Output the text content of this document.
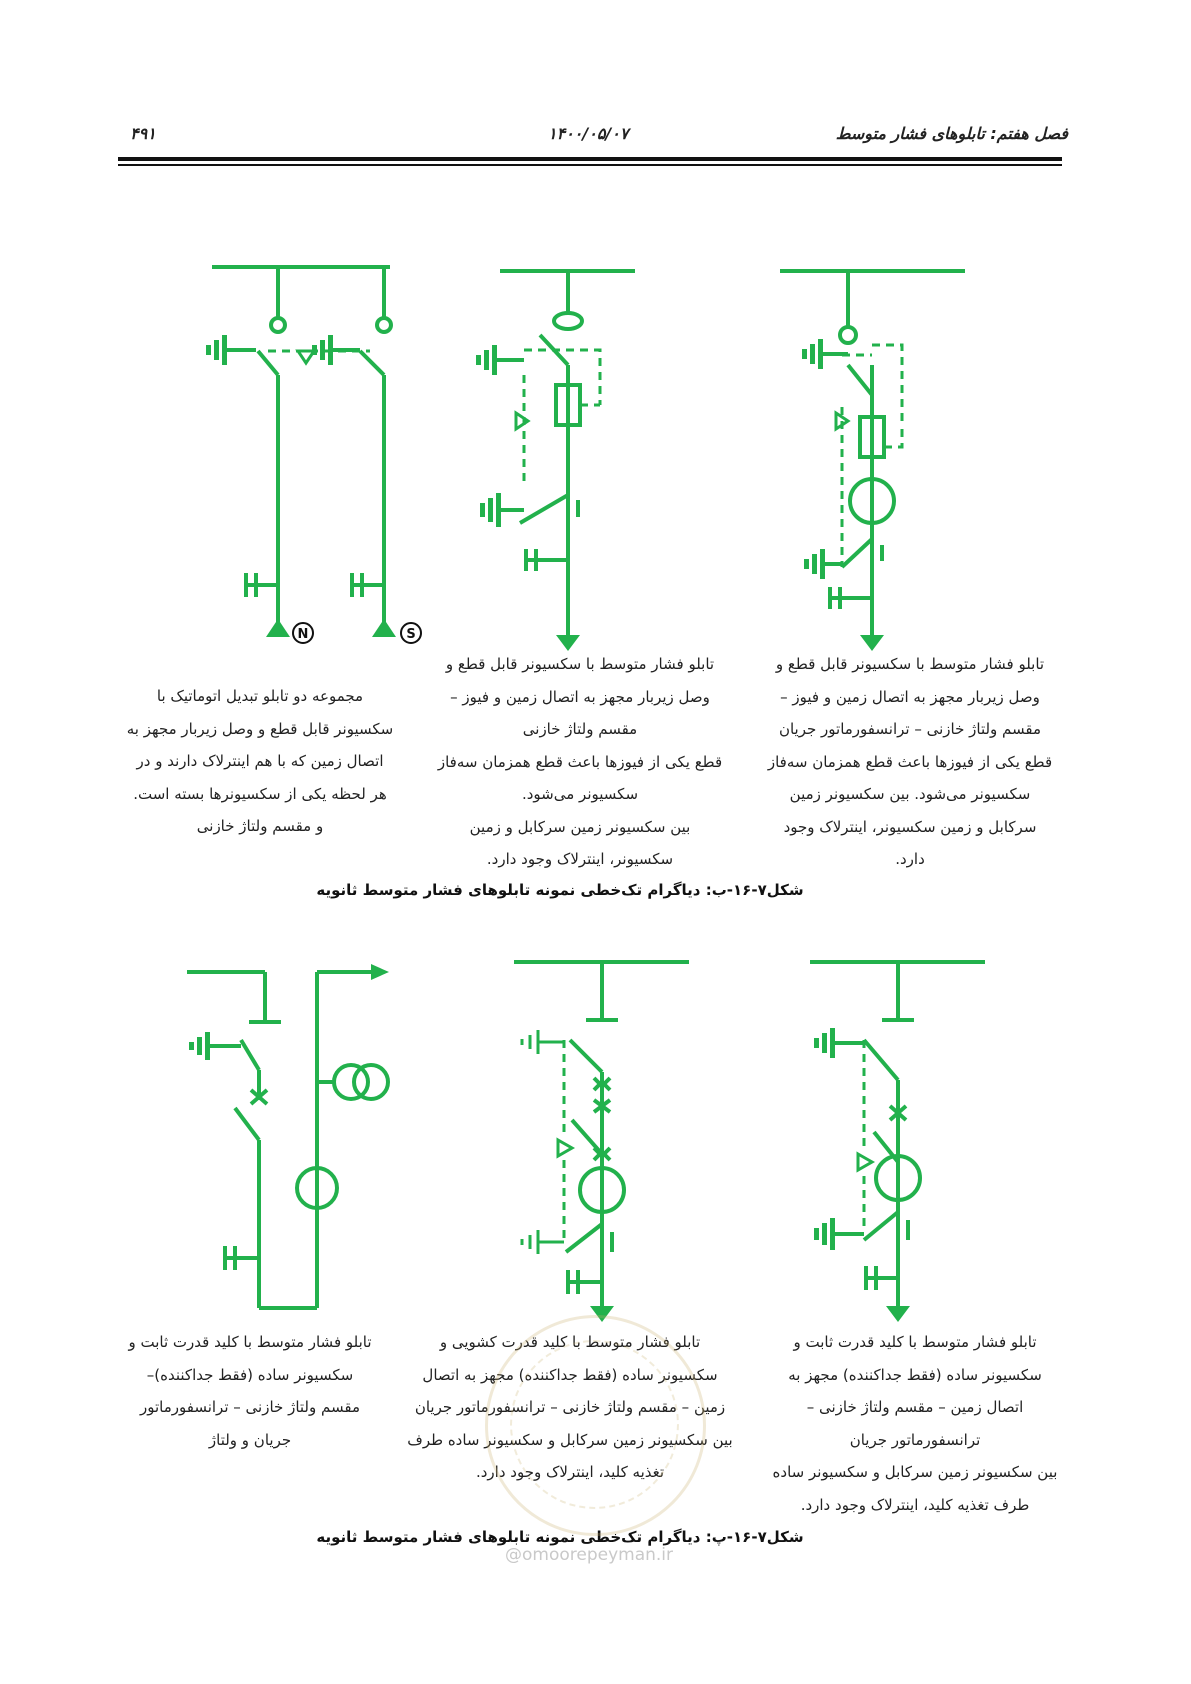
فصل هفتم: تابلوهای فشار متوسط
۱۴۰۰/۰۵/۰۷
۴۹۱
N	S
تابلو فشار متوسط با سکسیونر قابل قطع و
وصل زیربار مجهز به اتصال زمین و فیوز –
مقسم ولتاژ خازنی – ترانسفورماتور جریان
قطع یکی از فیوزها باعث قطع همزمان سه‌فاز
سکسیونر می‌شود. بین سکسیونر زمین
سرکابل و زمین سکسیونر، اینترلاک وجود
دارد.
تابلو فشار متوسط با سکسیونر قابل قطع و
وصل زیربار مجهز به اتصال زمین و فیوز –
مقسم ولتاژ خازنی
قطع یکی از فیوزها باعث قطع همزمان سه‌فاز
سکسیونر می‌شود.
بین سکسیونر زمین سرکابل و زمین
سکسیونر، اینترلاک وجود دارد.
مجموعه دو تابلو تبدیل اتوماتیک با
سکسیونر قابل قطع و وصل زیربار مجهز به
اتصال زمین که با هم اینترلاک دارند و در
هر لحظه یکی از سکسیونرها بسته است.
و مقسم ولتاژ خازنی
شکل۷-۱۶-ب: دیاگرام تک‌خطی نمونه تابلوهای فشار متوسط ثانویه
تابلو فشار متوسط با کلید قدرت ثابت و
سکسیونر ساده (فقط جداکننده) مجهز به
اتصال زمین – مقسم ولتاژ خازنی –
ترانسفورماتور جریان
بین سکسیونر زمین سرکابل و سکسیونر ساده
طرف تغذیه کلید، اینترلاک وجود دارد.
تابلو فشار متوسط با کلید قدرت کشویی و
سکسیونر ساده (فقط جداکننده) مجهز به اتصال
زمین – مقسم ولتاژ خازنی – ترانسفورماتور جریان
بین سکسیونر زمین سرکابل و سکسیونر ساده طرف
تغذیه کلید، اینترلاک وجود دارد.
تابلو فشار متوسط با کلید قدرت ثابت و
سکسیونر ساده (فقط جداکننده)–
مقسم ولتاژ خازنی – ترانسفورماتور
جریان و ولتاژ
شکل۷-۱۶-پ: دیاگرام تک‌خطی نمونه تابلوهای فشار متوسط ثانویه
@omoorepeyman.ir
